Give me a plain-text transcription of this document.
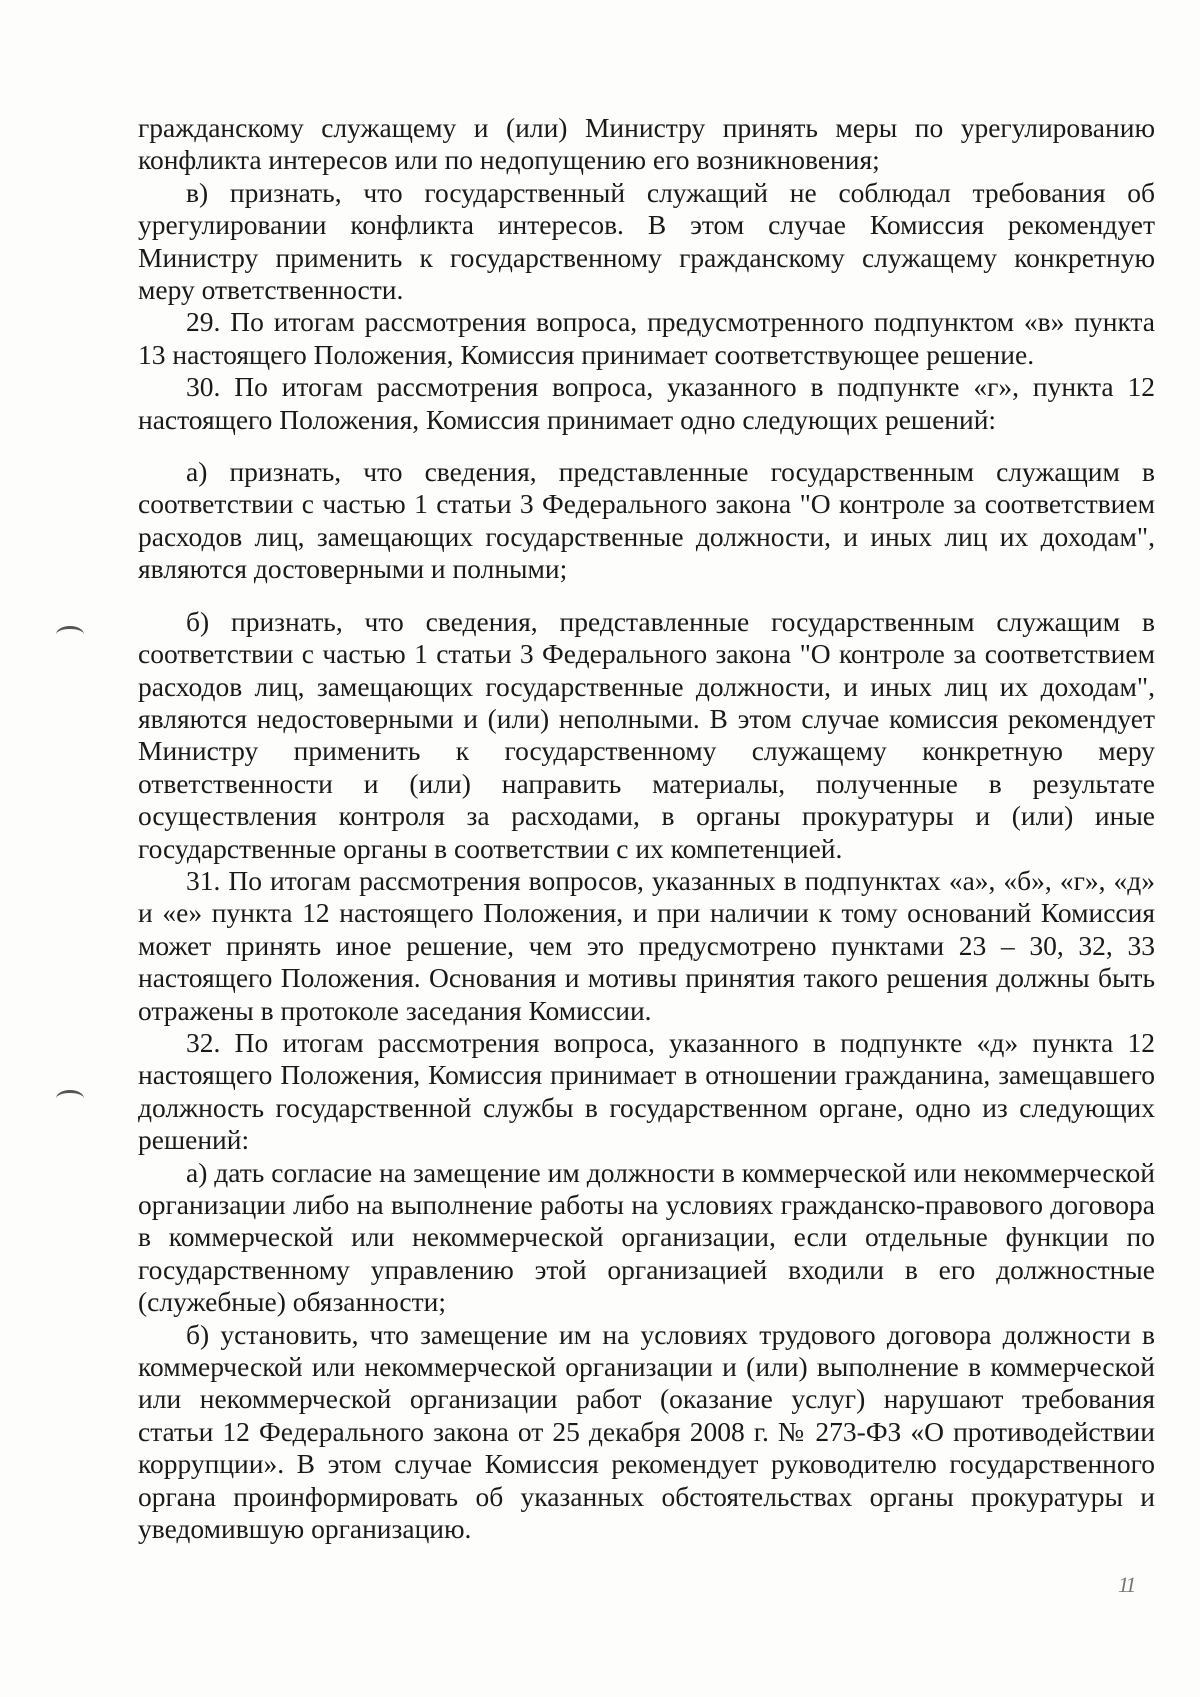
гражданскому служащему и (или) Министру принять меры по урегулированию конфликта интересов или по недопущению его возникновения;

в) признать, что государственный служащий не соблюдал требования об урегулировании конфликта интересов. В этом случае Комиссия рекомендует Министру применить к государственному гражданскому служащему конкретную меру ответственности.

29. По итогам рассмотрения вопроса, предусмотренного подпунктом «в» пункта 13 настоящего Положения, Комиссия принимает соответствующее решение.

30. По итогам рассмотрения вопроса, указанного в подпункте «г», пункта 12 настоящего Положения, Комиссия принимает одно следующих решений:

а) признать, что сведения, представленные государственным служащим в соответствии с частью 1 статьи 3 Федерального закона "О контроле за соответствием расходов лиц, замещающих государственные должности, и иных лиц их доходам", являются достоверными и полными;

б) признать, что сведения, представленные государственным служащим в соответствии с частью 1 статьи 3 Федерального закона "О контроле за соответствием расходов лиц, замещающих государственные должности, и иных лиц их доходам", являются недостоверными и (или) неполными. В этом случае комиссия рекомендует Министру применить к государственному служащему конкретную меру ответственности и (или) направить материалы, полученные в результате осуществления контроля за расходами, в органы прокуратуры и (или) иные государственные органы в соответствии с их компетенцией.

31. По итогам рассмотрения вопросов, указанных в подпунктах «а», «б», «г», «д» и «е» пункта 12 настоящего Положения, и при наличии к тому оснований Комиссия может принять иное решение, чем это предусмотрено пунктами 23 – 30, 32, 33 настоящего Положения. Основания и мотивы принятия такого решения должны быть отражены в протоколе заседания Комиссии.

32. По итогам рассмотрения вопроса, указанного в подпункте «д» пункта 12 настоящего Положения, Комиссия принимает в отношении гражданина, замещавшего должность государственной службы в государственном органе, одно из следующих решений:

а) дать согласие на замещение им должности в коммерческой или некоммерческой организации либо на выполнение работы на условиях гражданско-правового договора в коммерческой или некоммерческой организации, если отдельные функции по государственному управлению этой организацией входили в его должностные (служебные) обязанности;

б) установить, что замещение им на условиях трудового договора должности в коммерческой или некоммерческой организации и (или) выполнение в коммерческой или некоммерческой организации работ (оказание услуг) нарушают требования статьи 12 Федерального закона от 25 декабря 2008 г. № 273-ФЗ «О противодействии коррупции». В этом случае Комиссия рекомендует руководителю государственного органа проинформировать об указанных обстоятельствах органы прокуратуры и уведомившую организацию.

11
